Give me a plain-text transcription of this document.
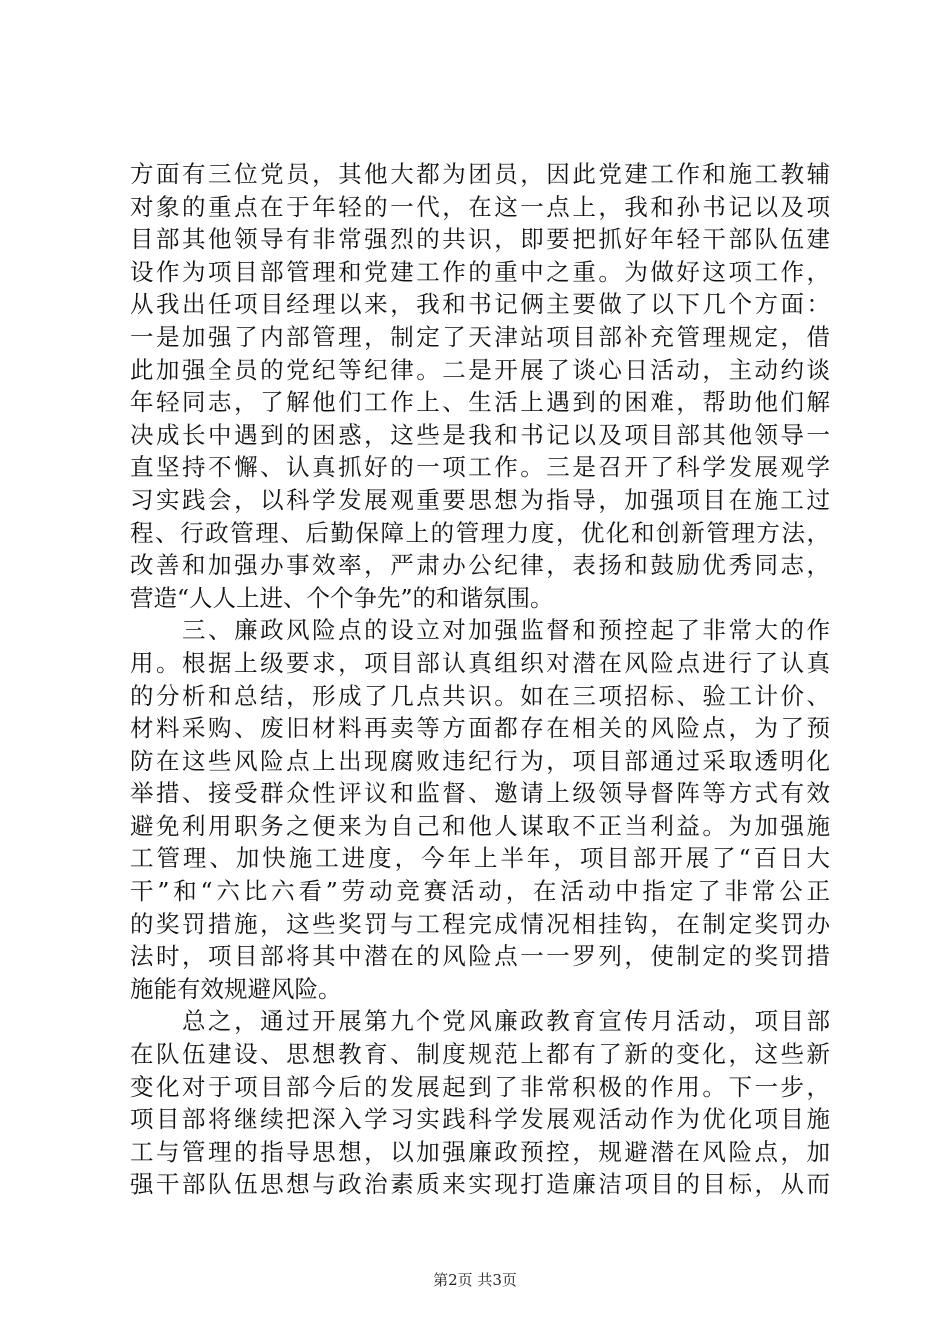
方面有三位党员，其他大都为团员，因此党建工作和施工教辅
对象的重点在于年轻的一代，在这一点上，我和孙书记以及项
目部其他领导有非常强烈的共识，即要把抓好年轻干部队伍建
设作为项目部管理和党建工作的重中之重。为做好这项工作，
从我出任项目经理以来，我和书记俩主要做了以下几个方面：
一是加强了内部管理，制定了天津站项目部补充管理规定，借
此加强全员的党纪等纪律。二是开展了谈心日活动，主动约谈
年轻同志，了解他们工作上、生活上遇到的困难，帮助他们解
决成长中遇到的困惑，这些是我和书记以及项目部其他领导一
直坚持不懈、认真抓好的一项工作。三是召开了科学发展观学
习实践会，以科学发展观重要思想为指导，加强项目在施工过
程、行政管理、后勤保障上的管理力度，优化和创新管理方法，
改善和加强办事效率，严肃办公纪律，表扬和鼓励优秀同志，
营造“人人上进、个个争先”的和谐氛围。
　　三、廉政风险点的设立对加强监督和预控起了非常大的作
用。根据上级要求，项目部认真组织对潜在风险点进行了认真
的分析和总结，形成了几点共识。如在三项招标、验工计价、
材料采购、废旧材料再卖等方面都存在相关的风险点，为了预
防在这些风险点上出现腐败违纪行为，项目部通过采取透明化
举措、接受群众性评议和监督、邀请上级领导督阵等方式有效
避免利用职务之便来为自己和他人谋取不正当利益。为加强施
工管理、加快施工进度，今年上半年，项目部开展了“百日大
干”和“六比六看”劳动竞赛活动，在活动中指定了非常公正
的奖罚措施，这些奖罚与工程完成情况相挂钩，在制定奖罚办
法时，项目部将其中潜在的风险点一一罗列，使制定的奖罚措
施能有效规避风险。
　　总之，通过开展第九个党风廉政教育宣传月活动，项目部
在队伍建设、思想教育、制度规范上都有了新的变化，这些新
变化对于项目部今后的发展起到了非常积极的作用。下一步，
项目部将继续把深入学习实践科学发展观活动作为优化项目施
工与管理的指导思想，以加强廉政预控，规避潜在风险点，加
强干部队伍思想与政治素质来实现打造廉洁项目的目标，从而
第2页 共3页
